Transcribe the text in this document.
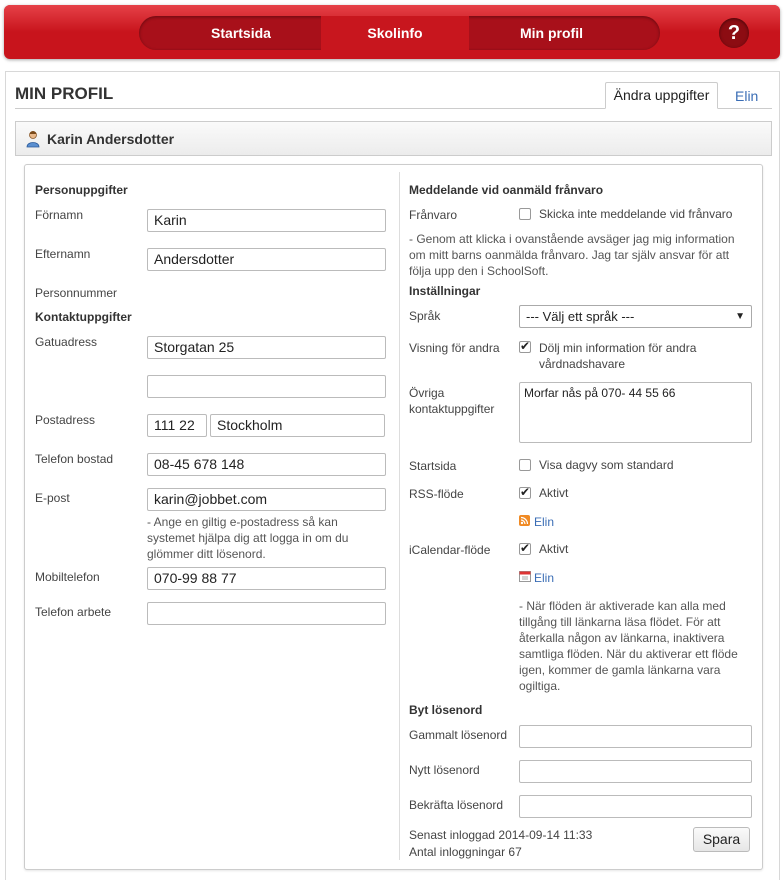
Startsida	Skolinfo	Min profil	?
MIN PROFIL	Ändra uppgifter	Elin
Karin Andersdotter
Personuppgifter
Förnamn	Karin
Efternamn	Andersdotter
Personnummer
Kontaktuppgifter
Gatuadress	Storgatan 25
Postadress	111 22	Stockholm
Telefon bostad	08-45 678 148
E-post	karin@jobbet.com
- Ange en giltig e-postadress så kan systemet hjälpa dig att logga in om du glömmer ditt lösenord.
Mobiltelefon	070-99 88 77
Telefon arbete
Meddelande vid oanmäld frånvaro
Frånvaro	Skicka inte meddelande vid frånvaro
- Genom att klicka i ovanstående avsäger jag mig information om mitt barns oanmälda frånvaro. Jag tar själv ansvar för att följa upp den i SchoolSoft.
Inställningar
Språk	--- Välj ett språk ---	▼
Visning för andra ✔	Dölj min information för andra vårdnadshavare
Övriga kontaktuppgifter
Morfar nås på 070- 44 55 66
Startsida	Visa dagvy som standard
RSS-flöde ✔	Aktivt
Elin
iCalendar-flöde ✔	Aktivt
Elin
- När flöden är aktiverade kan alla med tillgång till länkarna läsa flödet. För att återkalla någon av länkarna, inaktivera samtliga flöden. När du aktiverar ett flöde igen, kommer de gamla länkarna vara ogiltiga.
Byt lösenord
Gammalt lösenord
Nytt lösenord
Bekräfta lösenord
Senast inloggad 2014-09-14 11:33
Antal inloggningar 67
Spara
